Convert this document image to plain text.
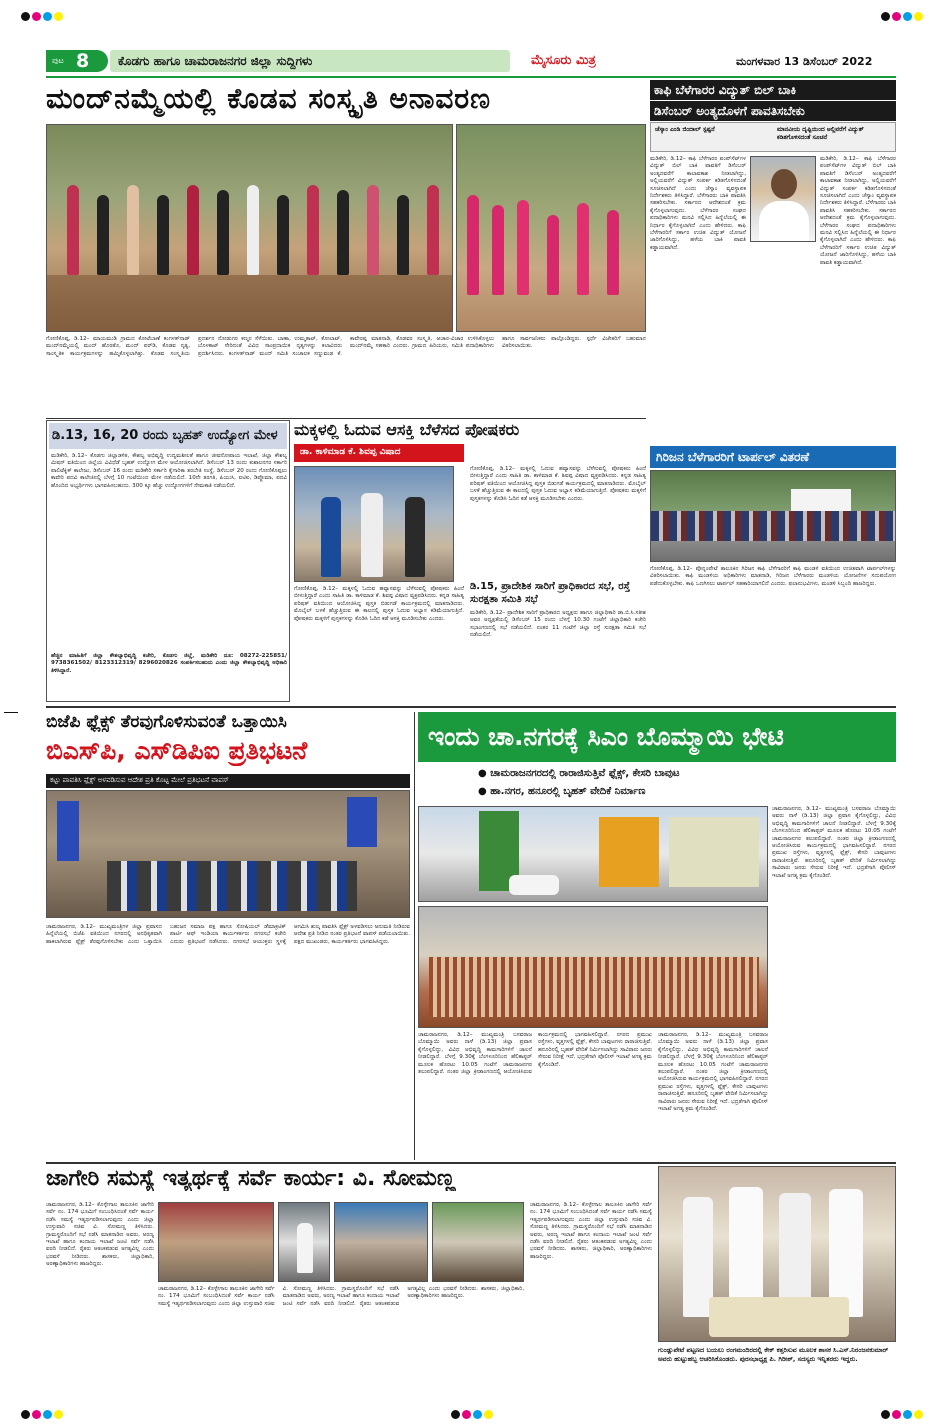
ಪುಟ 8 ಕೊಡಗು ಹಾಗೂ ಚಾಮರಾಜನಗರ ಜಿಲ್ಲಾ ಸುದ್ದಿಗಳು	ಮೈಸೂರು ಮಿತ್ರ	ಮಂಗಳವಾರ 13 ಡಿಸೆಂಬರ್ 2022
ಮಂದ್‌ನಮ್ಮೆಯಲ್ಲಿ ಕೊಡವ ಸಂಸ್ಕೃತಿ ಅನಾವರಣ
ಗೋಣಿಕೊಪ್ಪ, ಡಿ.12– ಮಾಯಮುಡಿ ಗ್ರಾಮದ ಕೋಟೆಬಾಣೆ ಕಂಗಳತ್‌ನಾಡ್ ಮಂದ್‌ನಮ್ಮೆಯಲ್ಲಿ ಮಂದ್ ಹೊರತೊ, ಮಂದ್ ಪರ್‌ಡಿ, ಕೊಡವ ನೃತ್ಯ, ಸಾಂಸ್ಕೃತಿಕ ಕಾರ್ಯಕ್ರಮಗಳನ್ನು ಹಮ್ಮಿಕೊಳ್ಳಲಾಗಿತ್ತು. ಕೊಡವ ಸಂಸ್ಕೃತಿಯ ಪ್ರದರ್ಶನ ನೋಡುಗರ ಕಣ್ಮನ ಸೆಳೆಯಿತು. ಬಾಣಾ, ಉಮ್ಮತಾಟ್, ಕೋಲಾಟ್, ಬೊಳಕಾಟ್ ಸೇರಿದಂತೆ ವಿವಿಧ ಸಾಂಪ್ರದಾಯಿಕ ನೃತ್ಯಗಳನ್ನು ಕಲಾವಿದರು ಪ್ರದರ್ಶಿಸಿದರು. ಕಂಗಳತ್‌ನಾಡ್ ಮಂದ್ ಸಮಿತಿ ಸಂಚಾಲಕ ಸಣ್ಣುವಂಡ ಕೆ. ಕಾವೇರಪ್ಪ ಮಾತನಾಡಿ, ಕೊಡವರ ಸಂಸ್ಕೃತಿ, ಆಚಾರ-ವಿಚಾರ ಉಳಿಸಿಕೊಳ್ಳಲು ಮಂದ್‌ನಮ್ಮೆ ಸಹಕಾರಿ ಎಂದರು. ಗ್ರಾಮದ ಹಿರಿಯರು, ಸಮಿತಿ ಪದಾಧಿಕಾರಿಗಳು ಹಾಗೂ ಸಾರ್ವಜನಿಕರು ಪಾಲ್ಗೊಂಡಿದ್ದರು. ಸ್ಪರ್ಧೆ ವಿಜೇತರಿಗೆ ಬಹುಮಾನ ವಿತರಿಸಲಾಯಿತು.
ಕಾಫಿ ಬೆಳೆಗಾರರ ವಿದ್ಯುತ್ ಬಿಲ್ ಬಾಕಿ
ಡಿಸೆಂಬರ್ ಅಂತ್ಯದೊಳಗೆ ಪಾವತಿಸಬೇಕು
ಚೆಸ್ಕಾಂ ಎಂಡಿ ಜಿಂದಾಲ್ ಸ್ಪಷ್ಟನೆ	ಮಾನವೀಯ ದೃಷ್ಟಿಯಿಂದ ಅಲ್ಲಿವರೆಗೆ ವಿದ್ಯುತ್ ಕಡಿತಗೊಳಿಸದಂತೆ ಸೂಚನೆ
ಮಡಿಕೇರಿ, ಡಿ.12– ಕಾಫಿ ಬೆಳೆಗಾರರ ಪಂಪ್‌ಸೆಟ್‌ಗಳ ವಿದ್ಯುತ್ ಬಿಲ್ ಬಾಕಿ ಪಾವತಿಗೆ ಡಿಸೆಂಬರ್ ಅಂತ್ಯದವರೆಗೆ ಕಾಲಾವಕಾಶ ನೀಡಲಾಗಿದ್ದು, ಅಲ್ಲಿಯವರೆಗೆ ವಿದ್ಯುತ್ ಸಂಪರ್ಕ ಕಡಿತಗೊಳಿಸದಂತೆ ಸೂಚಿಸಲಾಗಿದೆ ಎಂದು ಚೆಸ್ಕಾಂ ವ್ಯವಸ್ಥಾಪಕ ನಿರ್ದೇಶಕರು ತಿಳಿಸಿದ್ದಾರೆ. ಬೆಳೆಗಾರರು ಬಾಕಿ ಪಾವತಿಸಿ ಸಹಕರಿಸಬೇಕು. ಸರ್ಕಾರದ ಆದೇಶದಂತೆ ಕ್ರಮ ಕೈಗೊಳ್ಳಲಾಗುವುದು. ಬೆಳೆಗಾರರ ಸಂಘದ ಪದಾಧಿಕಾರಿಗಳು ಮನವಿ ಸಲ್ಲಿಸಿದ ಹಿನ್ನೆಲೆಯಲ್ಲಿ ಈ ನಿರ್ಧಾರ ಕೈಗೊಳ್ಳಲಾಗಿದೆ ಎಂದು ಹೇಳಿದರು. ಕಾಫಿ ಬೆಳೆಗಾರರಿಗೆ ಸರ್ಕಾರ ಉಚಿತ ವಿದ್ಯುತ್ ಯೋಜನೆ ಜಾರಿಗೊಳಿಸಿದ್ದು, ಹಳೆಯ ಬಾಕಿ ಪಾವತಿ ಕಡ್ಡಾಯವಾಗಿದೆ.
ಮಡಿಕೇರಿ, ಡಿ.12– ಕಾಫಿ ಬೆಳೆಗಾರರ ಪಂಪ್‌ಸೆಟ್‌ಗಳ ವಿದ್ಯುತ್ ಬಿಲ್ ಬಾಕಿ ಪಾವತಿಗೆ ಡಿಸೆಂಬರ್ ಅಂತ್ಯದವರೆಗೆ ಕಾಲಾವಕಾಶ ನೀಡಲಾಗಿದ್ದು, ಅಲ್ಲಿಯವರೆಗೆ ವಿದ್ಯುತ್ ಸಂಪರ್ಕ ಕಡಿತಗೊಳಿಸದಂತೆ ಸೂಚಿಸಲಾಗಿದೆ ಎಂದು ಚೆಸ್ಕಾಂ ವ್ಯವಸ್ಥಾಪಕ ನಿರ್ದೇಶಕರು ತಿಳಿಸಿದ್ದಾರೆ. ಬೆಳೆಗಾರರು ಬಾಕಿ ಪಾವತಿಸಿ ಸಹಕರಿಸಬೇಕು. ಸರ್ಕಾರದ ಆದೇಶದಂತೆ ಕ್ರಮ ಕೈಗೊಳ್ಳಲಾಗುವುದು. ಬೆಳೆಗಾರರ ಸಂಘದ ಪದಾಧಿಕಾರಿಗಳು ಮನವಿ ಸಲ್ಲಿಸಿದ ಹಿನ್ನೆಲೆಯಲ್ಲಿ ಈ ನಿರ್ಧಾರ ಕೈಗೊಳ್ಳಲಾಗಿದೆ ಎಂದು ಹೇಳಿದರು. ಕಾಫಿ ಬೆಳೆಗಾರರಿಗೆ ಸರ್ಕಾರ ಉಚಿತ ವಿದ್ಯುತ್ ಯೋಜನೆ ಜಾರಿಗೊಳಿಸಿದ್ದು, ಹಳೆಯ ಬಾಕಿ ಪಾವತಿ ಕಡ್ಡಾಯವಾಗಿದೆ.
ಡಿ.13, 16, 20 ರಂದು ಬೃಹತ್ ಉದ್ಯೋಗ ಮೇಳ
ಮಡಿಕೇರಿ, ಡಿ.12– ಕೊಡಗು ಜಿಲ್ಲಾಡಳಿತ, ಕೌಶಲ್ಯ ಅಭಿವೃದ್ಧಿ ಉದ್ಯಮಶೀಲತೆ ಹಾಗೂ ಜೀವನೋಪಾಯ ಇಲಾಖೆ, ಜಿಲ್ಲಾ ಕೌಶಲ್ಯ ಮಿಷನ್ ವತಿಯಿಂದ ಜಿಲ್ಲೆಯ ವಿವಿಧೆಡೆ ಬೃಹತ್ ಉದ್ಯೋಗ ಮೇಳ ಆಯೋಜಿಸಲಾಗಿದೆ. ಡಿಸೆಂಬರ್ 13 ರಂದು ಕುಶಾಲನಗರ ಸರ್ಕಾರಿ ಪಾಲಿಟೆಕ್ನಿಕ್ ಕಾಲೇಜು, ಡಿಸೆಂಬರ್ 16 ರಂದು ಮಡಿಕೇರಿ ಸರ್ಕಾರಿ ಕೈಗಾರಿಕಾ ತರಬೇತಿ ಸಂಸ್ಥೆ, ಡಿಸೆಂಬರ್ 20 ರಂದು ಗೋಣಿಕೊಪ್ಪಲು ಕಾವೇರಿ ಪದವಿ ಕಾಲೇಜಿನಲ್ಲಿ ಬೆಳಗ್ಗೆ 10 ಗಂಟೆಯಿಂದ ಮೇಳ ನಡೆಯಲಿದೆ. 10ನೇ ತರಗತಿ, ಪಿಯುಸಿ, ಐಟಿಐ, ಡಿಪ್ಲೊಮಾ, ಪದವಿ ಹೊಂದಿದ ಅಭ್ಯರ್ಥಿಗಳು ಭಾಗವಹಿಸಬಹುದು. 300 ಕ್ಕೂ ಹೆಚ್ಚು ಉದ್ಯೋಗಗಳಿಗೆ ನೇಮಕಾತಿ ನಡೆಯಲಿದೆ.
ಹೆಚ್ಚಿನ ಮಾಹಿತಿಗೆ ಜಿಲ್ಲಾ ಕೌಶಲ್ಯಾಭಿವೃದ್ಧಿ ಕಚೇರಿ, ಕೊಡಗು ಜಿಲ್ಲೆ, ಮಡಿಕೇರಿ ದೂ: 08272-225851/ 9738361502/ 8123312319/ 8296020826 ಸಂಪರ್ಕಿಸಬಹುದು ಎಂದು ಜಿಲ್ಲಾ ಕೌಶಲ್ಯಾಭಿವೃದ್ಧಿ ಅಧಿಕಾರಿ ತಿಳಿಸಿದ್ದಾರೆ.
ಮಕ್ಕಳಲ್ಲಿ ಓದುವ ಆಸಕ್ತಿ ಬೆಳೆಸದ ಪೋಷಕರು
ಡಾ. ಕಾಳಿಮಾಡ ಕೆ. ಶಿವಪ್ಪ ವಿಷಾದ
ಗೋಣಿಕೊಪ್ಪ, ಡಿ.12– ಮಕ್ಕಳಲ್ಲಿ ಓದುವ ಹವ್ಯಾಸವನ್ನು ಬೆಳೆಸುವಲ್ಲಿ ಪೋಷಕರು ಹಿಂದೆ ಬೀಳುತ್ತಿದ್ದಾರೆ ಎಂದು ಸಾಹಿತಿ ಡಾ. ಕಾಳಿಮಾಡ ಕೆ. ಶಿವಪ್ಪ ವಿಷಾದ ವ್ಯಕ್ತಪಡಿಸಿದರು. ಕನ್ನಡ ಸಾಹಿತ್ಯ ಪರಿಷತ್ ವತಿಯಿಂದ ಆಯೋಜಿಸಿದ್ದ ಪುಸ್ತಕ ಬಿಡುಗಡೆ ಕಾರ್ಯಕ್ರಮದಲ್ಲಿ ಮಾತನಾಡಿದರು. ಮೊಬೈಲ್ ಬಳಕೆ ಹೆಚ್ಚುತ್ತಿರುವ ಈ ಕಾಲದಲ್ಲಿ ಪುಸ್ತಕ ಓದುವ ಅಭ್ಯಾಸ ಕಡಿಮೆಯಾಗುತ್ತಿದೆ. ಪೋಷಕರು ಮಕ್ಕಳಿಗೆ ಪುಸ್ತಕಗಳನ್ನು ಕೊಡಿಸಿ ಓದಿನ ಕಡೆ ಆಸಕ್ತಿ ಮೂಡಿಸಬೇಕು ಎಂದರು.
ಗೋಣಿಕೊಪ್ಪ, ಡಿ.12– ಮಕ್ಕಳಲ್ಲಿ ಓದುವ ಹವ್ಯಾಸವನ್ನು ಬೆಳೆಸುವಲ್ಲಿ ಪೋಷಕರು ಹಿಂದೆ ಬೀಳುತ್ತಿದ್ದಾರೆ ಎಂದು ಸಾಹಿತಿ ಡಾ. ಕಾಳಿಮಾಡ ಕೆ. ಶಿವಪ್ಪ ವಿಷಾದ ವ್ಯಕ್ತಪಡಿಸಿದರು. ಕನ್ನಡ ಸಾಹಿತ್ಯ ಪರಿಷತ್ ವತಿಯಿಂದ ಆಯೋಜಿಸಿದ್ದ ಪುಸ್ತಕ ಬಿಡುಗಡೆ ಕಾರ್ಯಕ್ರಮದಲ್ಲಿ ಮಾತನಾಡಿದರು. ಮೊಬೈಲ್ ಬಳಕೆ ಹೆಚ್ಚುತ್ತಿರುವ ಈ ಕಾಲದಲ್ಲಿ ಪುಸ್ತಕ ಓದುವ ಅಭ್ಯಾಸ ಕಡಿಮೆಯಾಗುತ್ತಿದೆ. ಪೋಷಕರು ಮಕ್ಕಳಿಗೆ ಪುಸ್ತಕಗಳನ್ನು ಕೊಡಿಸಿ ಓದಿನ ಕಡೆ ಆಸಕ್ತಿ ಮೂಡಿಸಬೇಕು ಎಂದರು.
ಡಿ.15, ಪ್ರಾದೇಶಿಕ ಸಾರಿಗೆ ಪ್ರಾಧಿಕಾರದ ಸಭೆ, ರಸ್ತೆ ಸುರಕ್ಷತಾ ಸಮಿತಿ ಸಭೆ
ಮಡಿಕೇರಿ, ಡಿ.12– ಪ್ರಾದೇಶಿಕ ಸಾರಿಗೆ ಪ್ರಾಧಿಕಾರದ ಅಧ್ಯಕ್ಷರು ಹಾಗೂ ಜಿಲ್ಲಾಧಿಕಾರಿ ಡಾ.ಬಿ.ಸಿ.ಸತೀಶ ಅವರ ಅಧ್ಯಕ್ಷತೆಯಲ್ಲಿ ಡಿಸೆಂಬರ್ 15 ರಂದು ಬೆಳಗ್ಗೆ 10.30 ಗಂಟೆಗೆ ಜಿಲ್ಲಾಧಿಕಾರಿ ಕಚೇರಿ ಸಭಾಂಗಣದಲ್ಲಿ ಸಭೆ ನಡೆಯಲಿದೆ. ನಂತರ 11 ಗಂಟೆಗೆ ಜಿಲ್ಲಾ ರಸ್ತೆ ಸುರಕ್ಷತಾ ಸಮಿತಿ ಸಭೆ ನಡೆಯಲಿದೆ.
ಗಿರಿಜನ ಬೆಳೆಗಾರರಿಗೆ ಟಾರ್ಪಲ್ ವಿತರಣೆ
ಗೋಣಿಕೊಪ್ಪ, ಡಿ.12– ಪೊನ್ನಂಪೇಟೆ ತಾಲೂಕಿನ ಗಿರಿಜನ ಕಾಫಿ ಬೆಳೆಗಾರರಿಗೆ ಕಾಫಿ ಮಂಡಳಿ ವತಿಯಿಂದ ಉಚಿತವಾಗಿ ಟಾರ್ಪಲ್‌ಗಳನ್ನು ವಿತರಿಸಲಾಯಿತು. ಕಾಫಿ ಮಂಡಳಿಯ ಅಧಿಕಾರಿಗಳು ಮಾತನಾಡಿ, ಗಿರಿಜನ ಬೆಳೆಗಾರರು ಮಂಡಳಿಯ ಯೋಜನೆಗಳ ಸದುಪಯೋಗ ಪಡೆದುಕೊಳ್ಳಬೇಕು. ಕಾಫಿ ಒಣಗಿಸಲು ಟಾರ್ಪಲ್ ಸಹಕಾರಿಯಾಗಲಿದೆ ಎಂದರು. ಫಲಾನುಭವಿಗಳು, ಮಂಡಳಿ ಸಿಬ್ಬಂದಿ ಹಾಜರಿದ್ದರು.
ಬಿಜೆಪಿ ಫ್ಲೆಕ್ಸ್ ತೆರವುಗೊಳಿಸುವಂತೆ ಒತ್ತಾಯಿಸಿ
ಬಿಎಸ್‌ಪಿ, ಎಸ್‌ಡಿಪಿಐ ಪ್ರತಿಭಟನೆ
ಕಟ್ಟು ಪಾವತಿಸಿ ಫ್ಲೆಕ್ಸ್ ಅಳವಡಿಸುವ ಆದೇಶ ಪ್ರತಿ ಕೊಟ್ಟ ಮೇಲೆ ಪ್ರತಿಭಟನೆ ವಾಪಸ್
ಚಾಮರಾಜನಗರ, ಡಿ.12– ಮುಖ್ಯಮಂತ್ರಿಗಳ ಜಿಲ್ಲಾ ಪ್ರವಾಸದ ಹಿನ್ನೆಲೆಯಲ್ಲಿ ಬಿಜೆಪಿ ವತಿಯಿಂದ ನಗರದಲ್ಲಿ ಅನಧಿಕೃತವಾಗಿ ಹಾಕಲಾಗಿರುವ ಫ್ಲೆಕ್ಸ್ ತೆರವುಗೊಳಿಸಬೇಕು ಎಂದು ಒತ್ತಾಯಿಸಿ ಬಹುಜನ ಸಮಾಜ ಪಕ್ಷ ಹಾಗೂ ಸೋಷಿಯಲ್ ಡೆಮಾಕ್ರಟಿಕ್ ಪಾರ್ಟಿ ಆಫ್ ಇಂಡಿಯಾ ಕಾರ್ಯಕರ್ತರು ನಗರಸಭೆ ಕಚೇರಿ ಎದುರು ಪ್ರತಿಭಟನೆ ನಡೆಸಿದರು. ನಗರಸಭೆ ಆಯುಕ್ತರು ಸ್ಥಳಕ್ಕೆ ಆಗಮಿಸಿ ಶುಲ್ಕ ಪಾವತಿಸಿ ಫ್ಲೆಕ್ಸ್ ಅಳವಡಿಸಲು ಅನುಮತಿ ನೀಡಿರುವ ಆದೇಶ ಪ್ರತಿ ನೀಡಿದ ನಂತರ ಪ್ರತಿಭಟನೆ ವಾಪಸ್ ಪಡೆಯಲಾಯಿತು. ಪಕ್ಷದ ಮುಖಂಡರು, ಕಾರ್ಯಕರ್ತರು ಭಾಗವಹಿಸಿದ್ದರು.
ಇಂದು ಚಾ.ನಗರಕ್ಕೆ ಸಿಎಂ ಬೊಮ್ಮಾಯಿ ಭೇಟಿ
● ಚಾಮರಾಜನಗರದಲ್ಲಿ ರಾರಾಜಿಸುತ್ತಿವೆ ಫ್ಲೆಕ್ಸ್, ಕೇಸರಿ ಬಾವುಟ
● ಹಾ.ನಗರ, ಹನೂರಲ್ಲಿ ಬೃಹತ್ ವೇದಿಕೆ ನಿರ್ಮಾಣ
ಚಾಮರಾಜನಗರ, ಡಿ.12– ಮುಖ್ಯಮಂತ್ರಿ ಬಸವರಾಜ ಬೊಮ್ಮಾಯಿ ಅವರು ನಾಳೆ (ಡಿ.13) ಜಿಲ್ಲಾ ಪ್ರವಾಸ ಕೈಗೊಳ್ಳಲಿದ್ದು, ವಿವಿಧ ಅಭಿವೃದ್ಧಿ ಕಾಮಗಾರಿಗಳಿಗೆ ಚಾಲನೆ ನೀಡಲಿದ್ದಾರೆ. ಬೆಳಗ್ಗೆ 9.30ಕ್ಕೆ ಬೆಂಗಳೂರಿನಿಂದ ಹೆಲಿಕಾಪ್ಟರ್ ಮೂಲಕ ಹೊರಟು 10.05 ಗಂಟೆಗೆ ಚಾಮರಾಜನಗರ ತಲುಪಲಿದ್ದಾರೆ. ನಂತರ ಜಿಲ್ಲಾ ಕ್ರೀಡಾಂಗಣದಲ್ಲಿ ಆಯೋಜಿಸಿರುವ ಕಾರ್ಯಕ್ರಮದಲ್ಲಿ ಭಾಗವಹಿಸಲಿದ್ದಾರೆ. ನಗರದ ಪ್ರಮುಖ ರಸ್ತೆಗಳು, ವೃತ್ತಗಳಲ್ಲಿ ಫ್ಲೆಕ್ಸ್, ಕೇಸರಿ ಬಾವುಟಗಳು ರಾರಾಜಿಸುತ್ತಿವೆ. ಹನೂರಿನಲ್ಲಿ ಬೃಹತ್ ವೇದಿಕೆ ನಿರ್ಮಿಸಲಾಗಿದ್ದು ಸಾವಿರಾರು ಜನರು ಸೇರುವ ನಿರೀಕ್ಷೆ ಇದೆ. ಭದ್ರತೆಗಾಗಿ ಪೊಲೀಸ್ ಇಲಾಖೆ ಅಗತ್ಯ ಕ್ರಮ ಕೈಗೊಂಡಿದೆ.
ಚಾಮರಾಜನಗರ, ಡಿ.12– ಮುಖ್ಯಮಂತ್ರಿ ಬಸವರಾಜ ಬೊಮ್ಮಾಯಿ ಅವರು ನಾಳೆ (ಡಿ.13) ಜಿಲ್ಲಾ ಪ್ರವಾಸ ಕೈಗೊಳ್ಳಲಿದ್ದು, ವಿವಿಧ ಅಭಿವೃದ್ಧಿ ಕಾಮಗಾರಿಗಳಿಗೆ ಚಾಲನೆ ನೀಡಲಿದ್ದಾರೆ. ಬೆಳಗ್ಗೆ 9.30ಕ್ಕೆ ಬೆಂಗಳೂರಿನಿಂದ ಹೆಲಿಕಾಪ್ಟರ್ ಮೂಲಕ ಹೊರಟು 10.05 ಗಂಟೆಗೆ ಚಾಮರಾಜನಗರ ತಲುಪಲಿದ್ದಾರೆ. ನಂತರ ಜಿಲ್ಲಾ ಕ್ರೀಡಾಂಗಣದಲ್ಲಿ ಆಯೋಜಿಸಿರುವ ಕಾರ್ಯಕ್ರಮದಲ್ಲಿ ಭಾಗವಹಿಸಲಿದ್ದಾರೆ. ನಗರದ ಪ್ರಮುಖ ರಸ್ತೆಗಳು, ವೃತ್ತಗಳಲ್ಲಿ ಫ್ಲೆಕ್ಸ್, ಕೇಸರಿ ಬಾವುಟಗಳು ರಾರಾಜಿಸುತ್ತಿವೆ. ಹನೂರಿನಲ್ಲಿ ಬೃಹತ್ ವೇದಿಕೆ ನಿರ್ಮಿಸಲಾಗಿದ್ದು ಸಾವಿರಾರು ಜನರು ಸೇರುವ ನಿರೀಕ್ಷೆ ಇದೆ. ಭದ್ರತೆಗಾಗಿ ಪೊಲೀಸ್ ಇಲಾಖೆ ಅಗತ್ಯ ಕ್ರಮ ಕೈಗೊಂಡಿದೆ.
ಚಾಮರಾಜನಗರ, ಡಿ.12– ಮುಖ್ಯಮಂತ್ರಿ ಬಸವರಾಜ ಬೊಮ್ಮಾಯಿ ಅವರು ನಾಳೆ (ಡಿ.13) ಜಿಲ್ಲಾ ಪ್ರವಾಸ ಕೈಗೊಳ್ಳಲಿದ್ದು, ವಿವಿಧ ಅಭಿವೃದ್ಧಿ ಕಾಮಗಾರಿಗಳಿಗೆ ಚಾಲನೆ ನೀಡಲಿದ್ದಾರೆ. ಬೆಳಗ್ಗೆ 9.30ಕ್ಕೆ ಬೆಂಗಳೂರಿನಿಂದ ಹೆಲಿಕಾಪ್ಟರ್ ಮೂಲಕ ಹೊರಟು 10.05 ಗಂಟೆಗೆ ಚಾಮರಾಜನಗರ ತಲುಪಲಿದ್ದಾರೆ. ನಂತರ ಜಿಲ್ಲಾ ಕ್ರೀಡಾಂಗಣದಲ್ಲಿ ಆಯೋಜಿಸಿರುವ ಕಾರ್ಯಕ್ರಮದಲ್ಲಿ ಭಾಗವಹಿಸಲಿದ್ದಾರೆ. ನಗರದ ಪ್ರಮುಖ ರಸ್ತೆಗಳು, ವೃತ್ತಗಳಲ್ಲಿ ಫ್ಲೆಕ್ಸ್, ಕೇಸರಿ ಬಾವುಟಗಳು ರಾರಾಜಿಸುತ್ತಿವೆ. ಹನೂರಿನಲ್ಲಿ ಬೃಹತ್ ವೇದಿಕೆ ನಿರ್ಮಿಸಲಾಗಿದ್ದು ಸಾವಿರಾರು ಜನರು ಸೇರುವ ನಿರೀಕ್ಷೆ ಇದೆ. ಭದ್ರತೆಗಾಗಿ ಪೊಲೀಸ್ ಇಲಾಖೆ ಅಗತ್ಯ ಕ್ರಮ ಕೈಗೊಂಡಿದೆ.
ಜಾಗೇರಿ ಸಮಸ್ಯೆ ಇತ್ಯರ್ಥಕ್ಕೆ ಸರ್ವೆ ಕಾರ್ಯ: ವಿ. ಸೋಮಣ್ಣ
ಚಾಮರಾಜನಗರ, ಡಿ.12– ಕೊಳ್ಳೇಗಾಲ ತಾಲೂಕಿನ ಜಾಗೇರಿ ಸರ್ವೆ ನಂ. 174 ಭೂಮಿಗೆ ಸಂಬಂಧಿಸಿದಂತೆ ಸರ್ವೆ ಕಾರ್ಯ ನಡೆಸಿ ಸಮಸ್ಯೆ ಇತ್ಯರ್ಥಪಡಿಸಲಾಗುವುದು ಎಂದು ಜಿಲ್ಲಾ ಉಸ್ತುವಾರಿ ಸಚಿವ ವಿ. ಸೋಮಣ್ಣ ತಿಳಿಸಿದರು. ಗ್ರಾಮಸ್ಥರೊಂದಿಗೆ ಸಭೆ ನಡೆಸಿ ಮಾತನಾಡಿದ ಅವರು, ಅರಣ್ಯ ಇಲಾಖೆ ಹಾಗೂ ಕಂದಾಯ ಇಲಾಖೆ ಜಂಟಿ ಸರ್ವೆ ನಡೆಸಿ ವರದಿ ನೀಡಲಿದೆ. ರೈತರು ಆತಂಕಪಡುವ ಅಗತ್ಯವಿಲ್ಲ ಎಂದು ಭರವಸೆ ನೀಡಿದರು. ಶಾಸಕರು, ಜಿಲ್ಲಾಧಿಕಾರಿ, ಅರಣ್ಯಾಧಿಕಾರಿಗಳು ಹಾಜರಿದ್ದರು.
ಚಾಮರಾಜನಗರ, ಡಿ.12– ಕೊಳ್ಳೇಗಾಲ ತಾಲೂಕಿನ ಜಾಗೇರಿ ಸರ್ವೆ ನಂ. 174 ಭೂಮಿಗೆ ಸಂಬಂಧಿಸಿದಂತೆ ಸರ್ವೆ ಕಾರ್ಯ ನಡೆಸಿ ಸಮಸ್ಯೆ ಇತ್ಯರ್ಥಪಡಿಸಲಾಗುವುದು ಎಂದು ಜಿಲ್ಲಾ ಉಸ್ತುವಾರಿ ಸಚಿವ ವಿ. ಸೋಮಣ್ಣ ತಿಳಿಸಿದರು. ಗ್ರಾಮಸ್ಥರೊಂದಿಗೆ ಸಭೆ ನಡೆಸಿ ಮಾತನಾಡಿದ ಅವರು, ಅರಣ್ಯ ಇಲಾಖೆ ಹಾಗೂ ಕಂದಾಯ ಇಲಾಖೆ ಜಂಟಿ ಸರ್ವೆ ನಡೆಸಿ ವರದಿ ನೀಡಲಿದೆ. ರೈತರು ಆತಂಕಪಡುವ ಅಗತ್ಯವಿಲ್ಲ ಎಂದು ಭರವಸೆ ನೀಡಿದರು. ಶಾಸಕರು, ಜಿಲ್ಲಾಧಿಕಾರಿ, ಅರಣ್ಯಾಧಿಕಾರಿಗಳು ಹಾಜರಿದ್ದರು.
ಚಾಮರಾಜನಗರ, ಡಿ.12– ಕೊಳ್ಳೇಗಾಲ ತಾಲೂಕಿನ ಜಾಗೇರಿ ಸರ್ವೆ ನಂ. 174 ಭೂಮಿಗೆ ಸಂಬಂಧಿಸಿದಂತೆ ಸರ್ವೆ ಕಾರ್ಯ ನಡೆಸಿ ಸಮಸ್ಯೆ ಇತ್ಯರ್ಥಪಡಿಸಲಾಗುವುದು ಎಂದು ಜಿಲ್ಲಾ ಉಸ್ತುವಾರಿ ಸಚಿವ ವಿ. ಸೋಮಣ್ಣ ತಿಳಿಸಿದರು. ಗ್ರಾಮಸ್ಥರೊಂದಿಗೆ ಸಭೆ ನಡೆಸಿ ಮಾತನಾಡಿದ ಅವರು, ಅರಣ್ಯ ಇಲಾಖೆ ಹಾಗೂ ಕಂದಾಯ ಇಲಾಖೆ ಜಂಟಿ ಸರ್ವೆ ನಡೆಸಿ ವರದಿ ನೀಡಲಿದೆ. ರೈತರು ಆತಂಕಪಡುವ ಅಗತ್ಯವಿಲ್ಲ ಎಂದು ಭರವಸೆ ನೀಡಿದರು. ಶಾಸಕರು, ಜಿಲ್ಲಾಧಿಕಾರಿ, ಅರಣ್ಯಾಧಿಕಾರಿಗಳು ಹಾಜರಿದ್ದರು.
ಗುಂಡ್ಲುಪೇಟೆ ಪಟ್ಟಣದ ಬಯಲು ರಂಗಮಂದಿರದಲ್ಲಿ ಕೇಕ್ ಕತ್ತರಿಸುವ ಮೂಲಕ ಶಾಸಕ ಸಿ.ಎಸ್.ನಿರಂಜನಕುಮಾರ್ ಅವರು ಹುಟ್ಟುಹಬ್ಬ ಆಚರಿಸಿಕೊಂಡರು. ಪುರಸಭಾಧ್ಯಕ್ಷ ಪಿ. ಗಿರೀಶ್, ಸದಸ್ಯರು ಇನ್ನಿತರರು ಇದ್ದರು.
